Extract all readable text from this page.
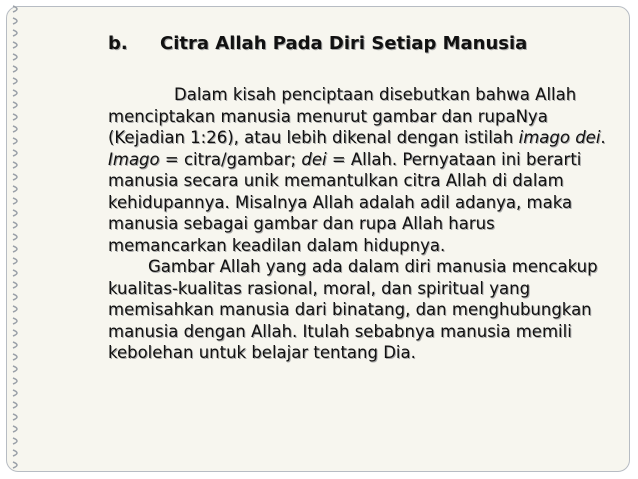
b.	Citra Allah Pada Diri Setiap Manusia

Dalam kisah penciptaan disebutkan bahwa Allah menciptakan manusia menurut gambar dan rupaNya (Kejadian 1:26), atau lebih dikenal dengan istilah imago dei. Imago = citra/gambar; dei = Allah. Pernyataan ini berarti manusia secara unik memantulkan citra Allah di dalam kehidupannya. Misalnya Allah adalah adil adanya, maka manusia sebagai gambar dan rupa Allah harus memancarkan keadilan dalam hidupnya.

Gambar Allah yang ada dalam diri manusia mencakup kualitas-kualitas rasional, moral, dan spiritual yang memisahkan manusia dari binatang, dan menghubungkan manusia dengan Allah. Itulah sebabnya manusia memili kebolehan untuk belajar tentang Dia.
